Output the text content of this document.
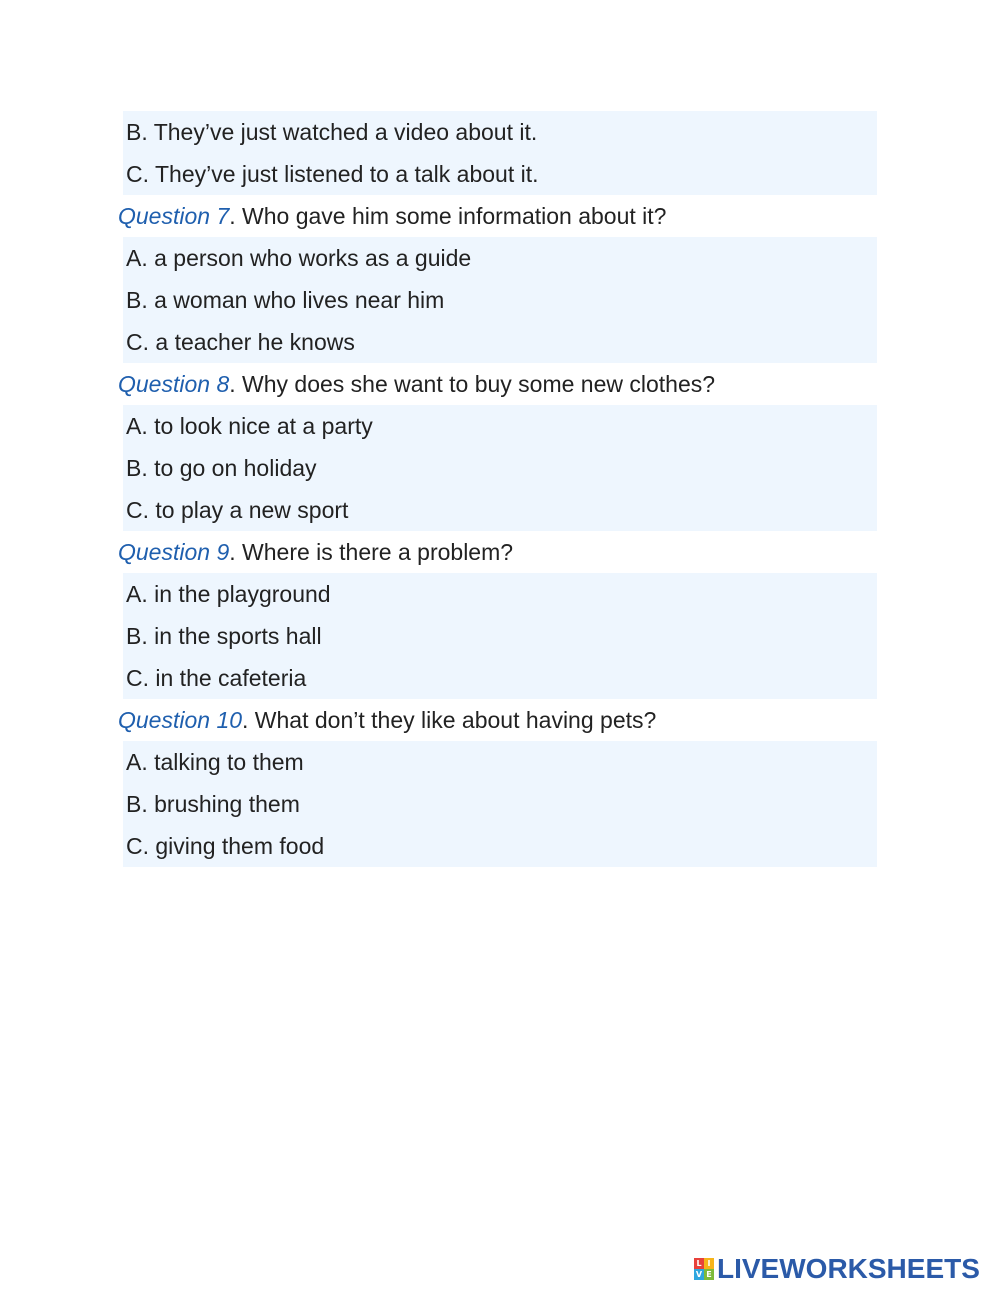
B. They’ve just watched a video about it.
C. They’ve just listened to a talk about it.
Question 7. Who gave him some information about it?
A. a person who works as a guide
B. a woman who lives near him
C. a teacher he knows
Question 8. Why does she want to buy some new clothes?
A. to look nice at a party
B. to go on holiday
C. to play a new sport
Question 9. Where is there a problem?
A. in the playground
B. in the sports hall
C. in the cafeteria
Question 10. What don’t they like about having pets?
A. talking to them
B. brushing them
C. giving them food
L I
V E LIVEWORKSHEETS
